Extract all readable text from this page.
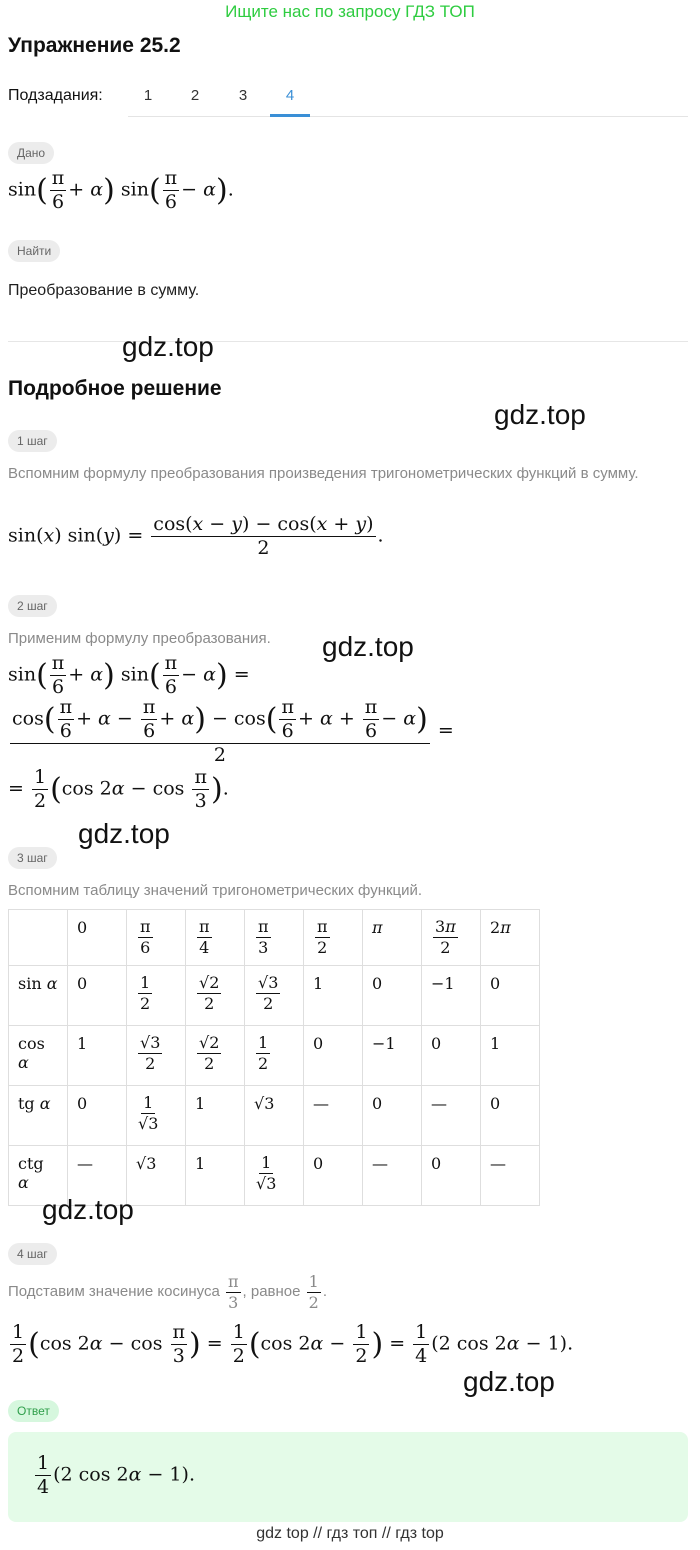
Ищите нас по запросу ГДЗ ТОП
Упражнение 25.2
Подзадания:	1	2	3	4
Дано
$\sin( \frac{\pi}{6} + \alpha)$ $\sin( \frac{\pi}{6} - \alpha)$.
Найти
Преобразование в сумму.
gdz.top
Подробное решение
gdz.top
1 шаг
Вспомним формулу преобразования произведения тригонометрических функций в сумму.
sin(x) $\sin(y) = \frac{\cos(x - y) - \cos(x + y)}{2}$ .
2 шаг
Применим формулу преобразования. gdz.top
$\sin( \frac{\pi}{6} + \alpha)$ $\sin( \frac{\pi}{6} - \alpha)$ =
$\frac{\cos( \frac{\pi}{6} + \alpha - \frac{\pi}{6} + \alpha) - \cos( \frac{\pi}{6} + \alpha + \frac{\pi}{6} - \alpha)}{2}$ =
= $\frac{1}{2} (\cos$ $2\alpha - \cos \frac{\pi}{3}$ ).
gdz.top
3 шаг
Вспомним таблицу значений тригонометрических функций.
	0	$\frac{\pi}{6}$	$\frac{\pi}{4}$	$\frac{\pi}{3}$	$\frac{\pi}{2}$	π	$\frac{3\pi}{2}$	2π
sin α	0	$\frac{1}{2}$	$\frac{√2}{2}$	$\frac{√3}{2}$	1	0	−1	0
cos α	1	$\frac{√3}{2}$	$\frac{√2}{2}$	$\frac{1}{2}$	0	−1	0	1
tg α	0	$\frac{1}{√3}$	1	√3	—	0	—	0
ctg α	—	√3	1	$\frac{1}{√3}$	0	—	0	—
gdz.top
4 шаг
Подставим значение косинуса $\frac{\pi}{3}$ , равное $\frac{1}{2}$ .
$\frac{1}{2} (\cos$ $2\alpha - \cos \frac{\pi}{3}$ ) = $\frac{1}{2} (\cos$ $2\alpha - \frac{1}{2}$ ) = $\frac{1}{4} (2$ cos 2α − 1).
gdz.top
Ответ
$\frac{1}{4} (2$ cos 2α − 1).
gdz top // гдз топ // гдз top
